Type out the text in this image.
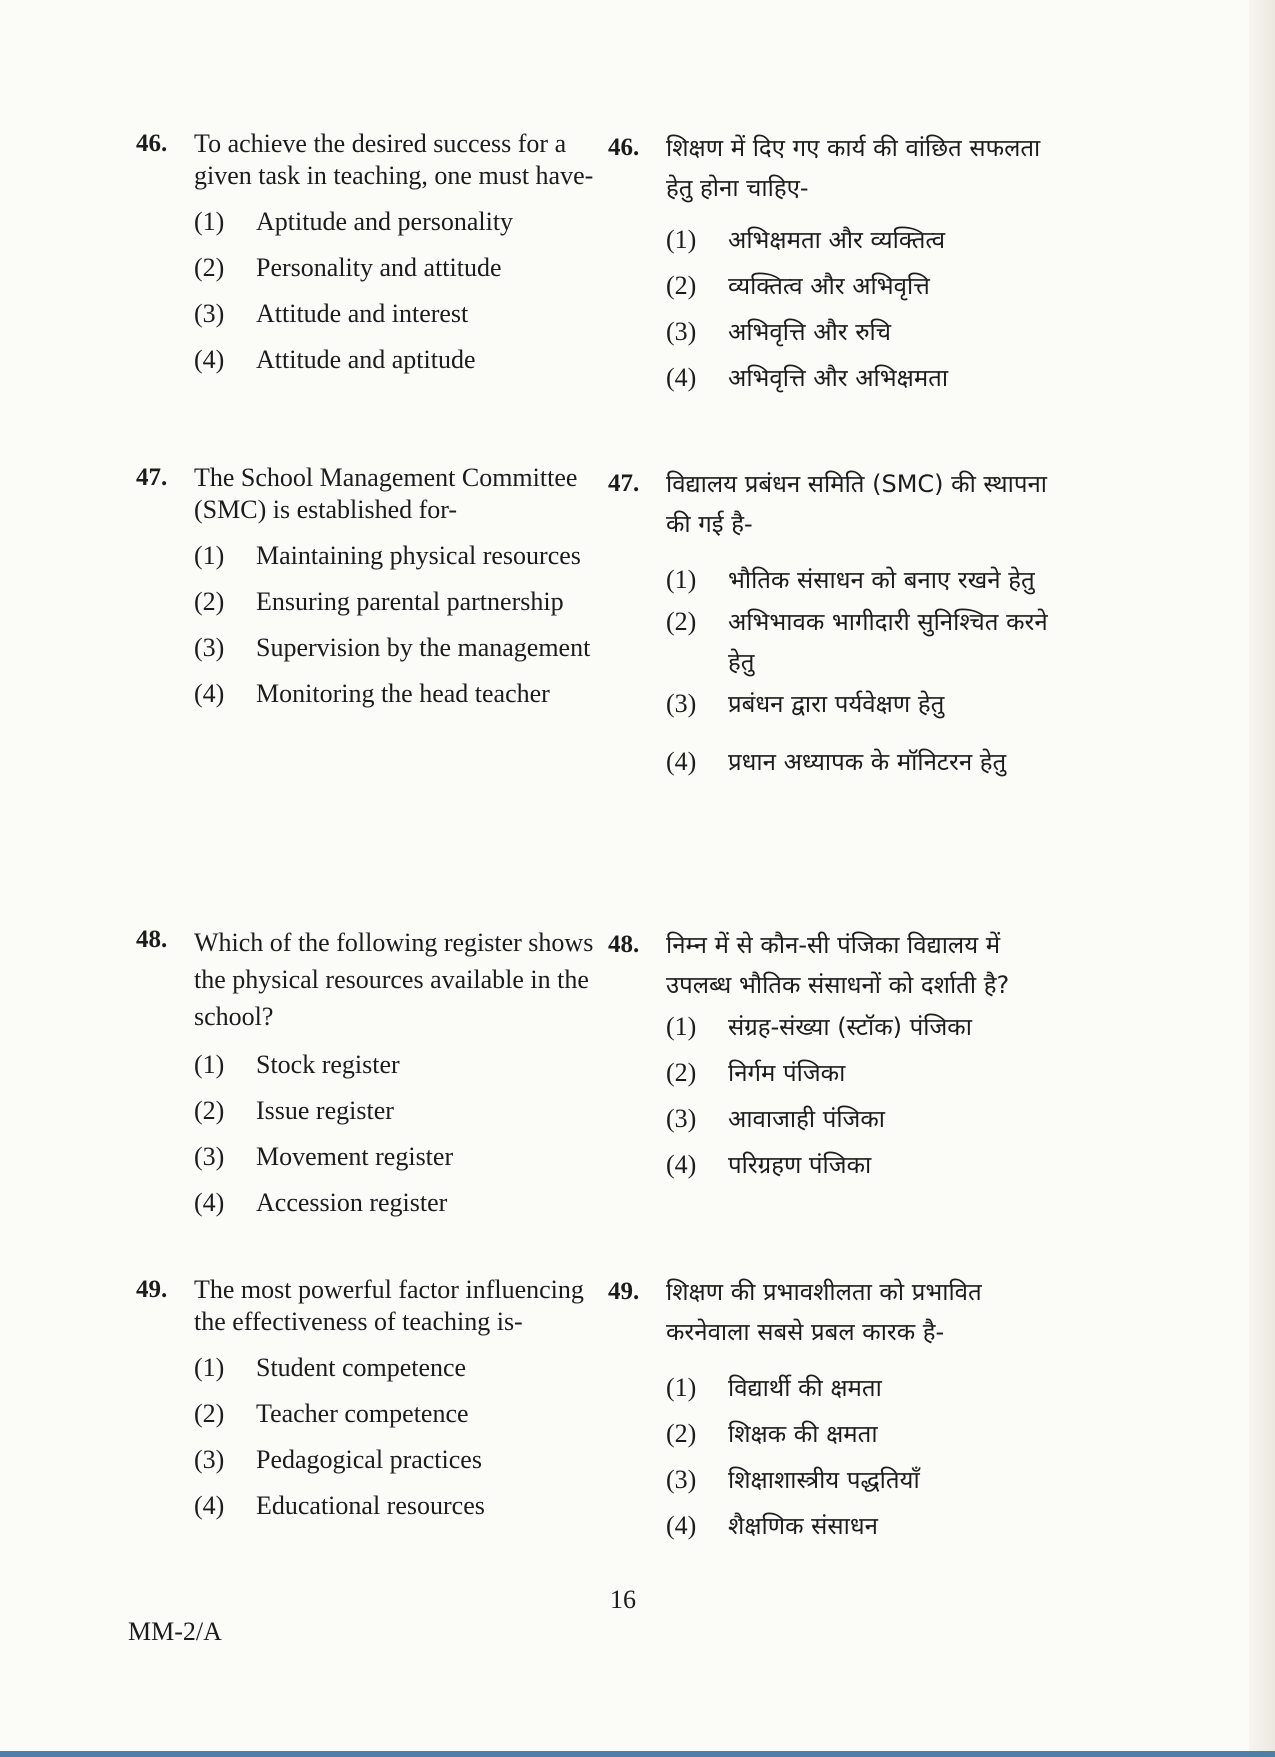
46.	To achieve the desired success for a given task in teaching, one must have-
(1)	Aptitude and personality
(2)	Personality and attitude
(3)	Attitude and interest
(4)	Attitude and aptitude
47.	The School Management Committee (SMC) is established for-
(1)	Maintaining physical resources
(2)	Ensuring parental partnership
(3)	Supervision by the management
(4)	Monitoring the head teacher
48.	Which of the following register shows the physical resources available in the school?
(1)	Stock register
(2)	Issue register
(3)	Movement register
(4)	Accession register
49.	The most powerful factor influencing the effectiveness of teaching is-
(1)	Student competence
(2)	Teacher competence
(3)	Pedagogical practices
(4)	Educational resources
46.	शिक्षण में दिए गए कार्य की वांछित सफलता हेतु होना चाहिए-
(1)	अभिक्षमता और व्यक्तित्व
(2)	व्यक्तित्व और अभिवृत्ति
(3)	अभिवृत्ति और रुचि
(4)	अभिवृत्ति और अभिक्षमता
47.	विद्यालय प्रबंधन समिति (SMC) की स्थापना की गई है-
(1)	भौतिक संसाधन को बनाए रखने हेतु
(2)	अभिभावक भागीदारी सुनिश्चित करने हेतु
(3)	प्रबंधन द्वारा पर्यवेक्षण हेतु
(4)	प्रधान अध्यापक के मॉनिटरन हेतु
48.	निम्न में से कौन-सी पंजिका विद्यालय में उपलब्ध भौतिक संसाधनों को दर्शाती है?
(1)	संग्रह-संख्या (स्टॉक) पंजिका
(2)	निर्गम पंजिका
(3)	आवाजाही पंजिका
(4)	परिग्रहण पंजिका
49.	शिक्षण की प्रभावशीलता को प्रभावित करनेवाला सबसे प्रबल कारक है-
(1)	विद्यार्थी की क्षमता
(2)	शिक्षक की क्षमता
(3)	शिक्षाशास्त्रीय पद्धतियाँ
(4)	शैक्षणिक संसाधन
16
MM-2/A
